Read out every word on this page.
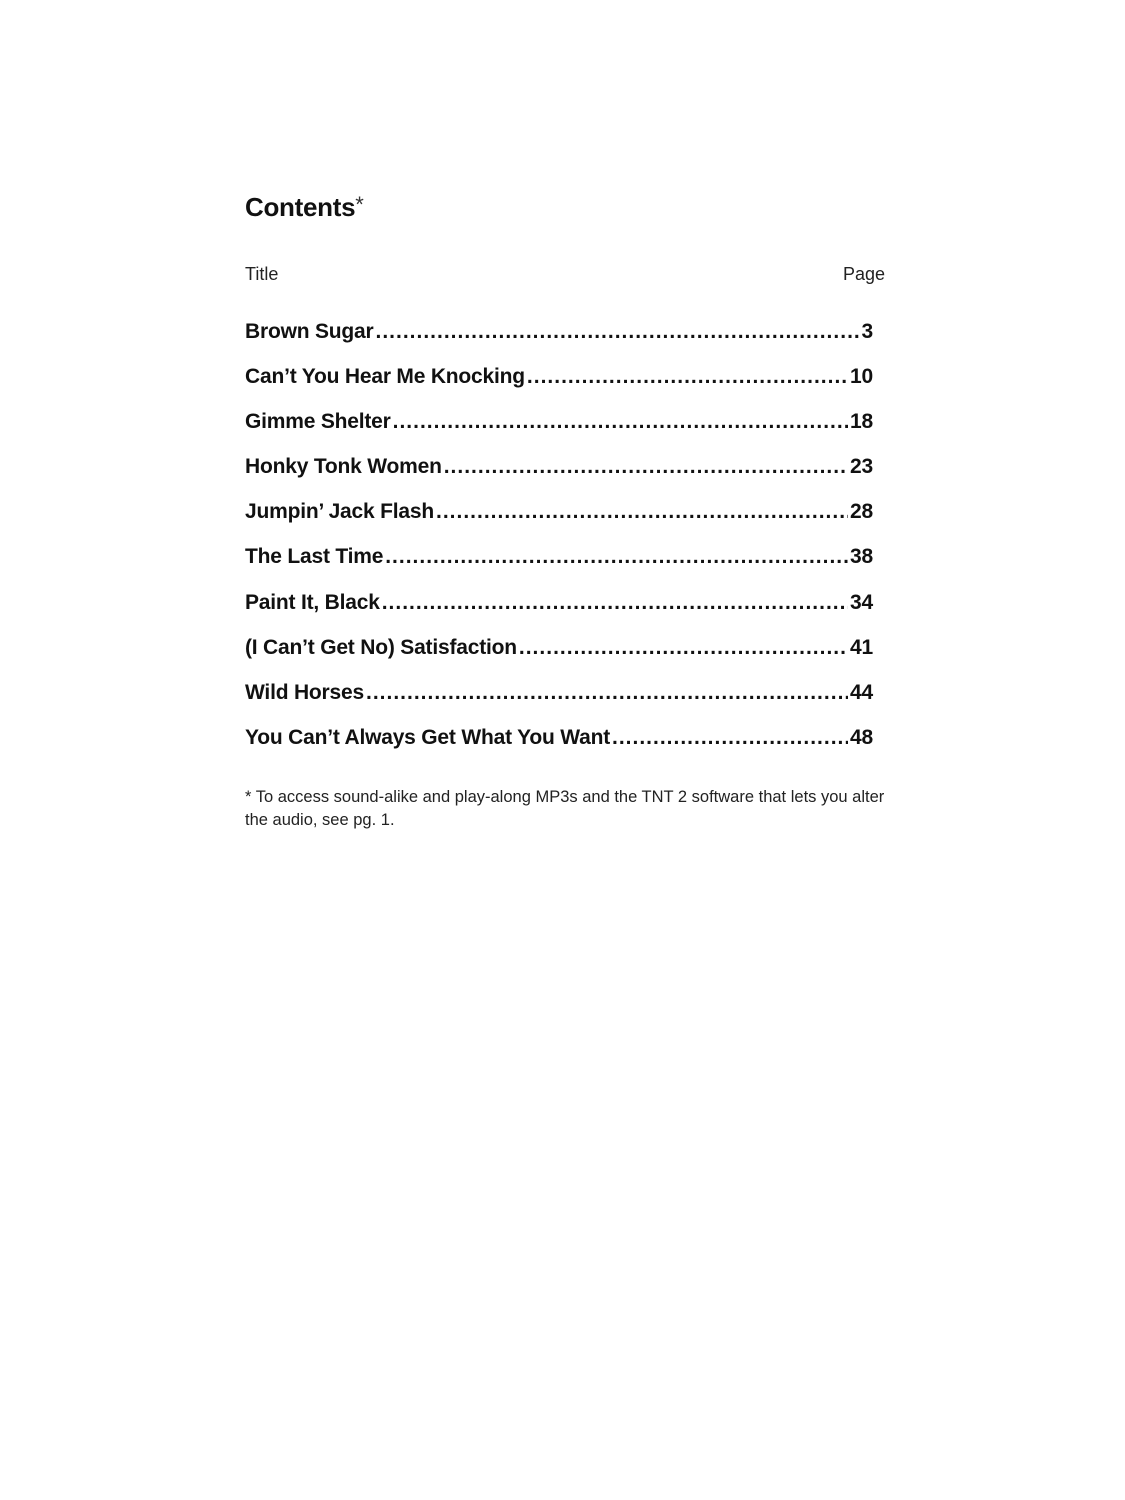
Contents*
Title	Page
Brown Sugar .....	3
Can’t You Hear Me Knocking .....	10
Gimme Shelter .....	18
Honky Tonk Women .....	23
Jumpin’ Jack Flash .....	28
The Last Time .....	38
Paint It, Black .....	34
(I Can’t Get No) Satisfaction .....	41
Wild Horses .....	44
You Can’t Always Get What You Want .....	48
* To access sound-alike and play-along MP3s and the TNT 2 software that lets you alter the audio, see pg. 1.
